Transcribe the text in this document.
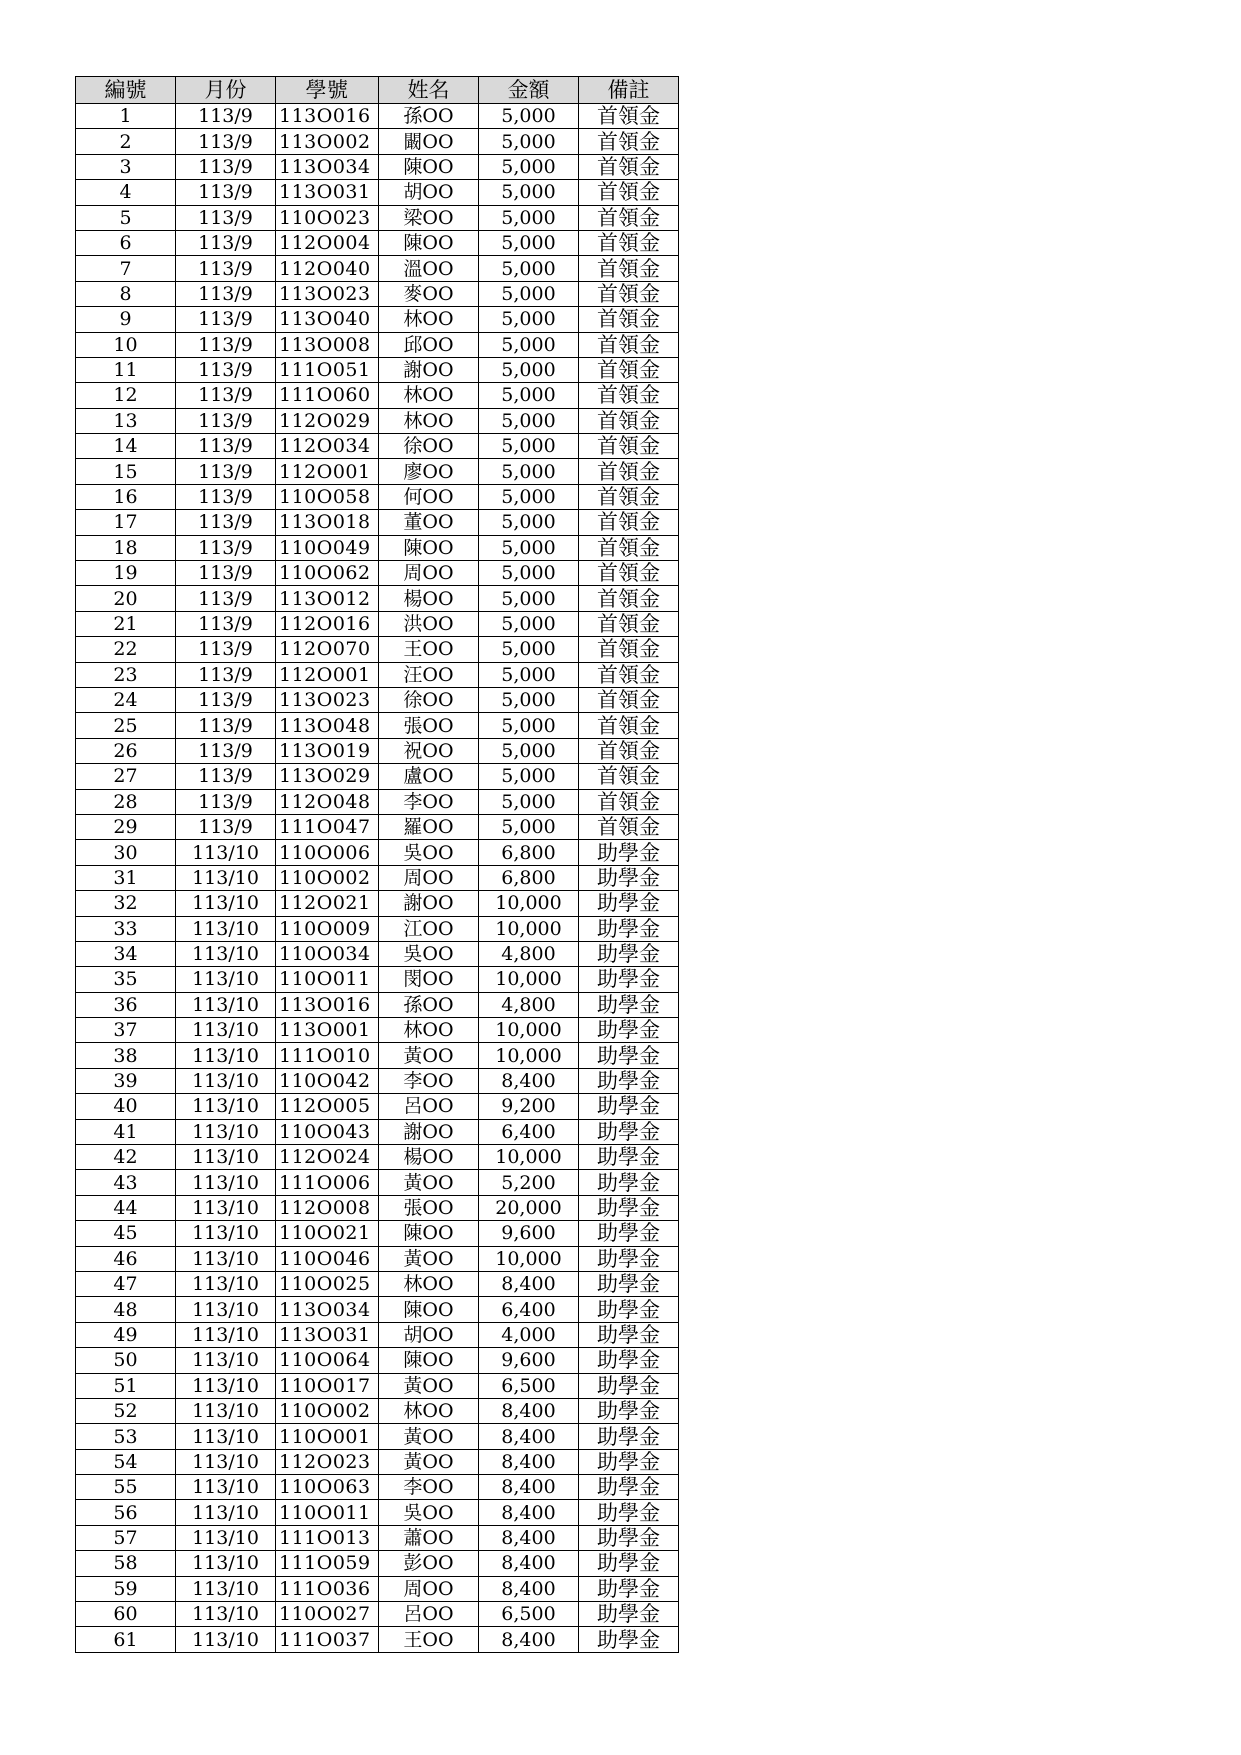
編號	月份	學號	姓名	金額	備註
1	113/9	113O016	孫OO	5,000	首領金
2	113/9	113O002	闞OO	5,000	首領金
3	113/9	113O034	陳OO	5,000	首領金
4	113/9	113O031	胡OO	5,000	首領金
5	113/9	110O023	梁OO	5,000	首領金
6	113/9	112O004	陳OO	5,000	首領金
7	113/9	112O040	溫OO	5,000	首領金
8	113/9	113O023	麥OO	5,000	首領金
9	113/9	113O040	林OO	5,000	首領金
10	113/9	113O008	邱OO	5,000	首領金
11	113/9	111O051	謝OO	5,000	首領金
12	113/9	111O060	林OO	5,000	首領金
13	113/9	112O029	林OO	5,000	首領金
14	113/9	112O034	徐OO	5,000	首領金
15	113/9	112O001	廖OO	5,000	首領金
16	113/9	110O058	何OO	5,000	首領金
17	113/9	113O018	董OO	5,000	首領金
18	113/9	110O049	陳OO	5,000	首領金
19	113/9	110O062	周OO	5,000	首領金
20	113/9	113O012	楊OO	5,000	首領金
21	113/9	112O016	洪OO	5,000	首領金
22	113/9	112O070	王OO	5,000	首領金
23	113/9	112O001	汪OO	5,000	首領金
24	113/9	113O023	徐OO	5,000	首領金
25	113/9	113O048	張OO	5,000	首領金
26	113/9	113O019	祝OO	5,000	首領金
27	113/9	113O029	盧OO	5,000	首領金
28	113/9	112O048	李OO	5,000	首領金
29	113/9	111O047	羅OO	5,000	首領金
30	113/10	110O006	吳OO	6,800	助學金
31	113/10	110O002	周OO	6,800	助學金
32	113/10	112O021	謝OO	10,000	助學金
33	113/10	110O009	江OO	10,000	助學金
34	113/10	110O034	吳OO	4,800	助學金
35	113/10	110O011	閔OO	10,000	助學金
36	113/10	113O016	孫OO	4,800	助學金
37	113/10	113O001	林OO	10,000	助學金
38	113/10	111O010	黃OO	10,000	助學金
39	113/10	110O042	李OO	8,400	助學金
40	113/10	112O005	呂OO	9,200	助學金
41	113/10	110O043	謝OO	6,400	助學金
42	113/10	112O024	楊OO	10,000	助學金
43	113/10	111O006	黃OO	5,200	助學金
44	113/10	112O008	張OO	20,000	助學金
45	113/10	110O021	陳OO	9,600	助學金
46	113/10	110O046	黃OO	10,000	助學金
47	113/10	110O025	林OO	8,400	助學金
48	113/10	113O034	陳OO	6,400	助學金
49	113/10	113O031	胡OO	4,000	助學金
50	113/10	110O064	陳OO	9,600	助學金
51	113/10	110O017	黃OO	6,500	助學金
52	113/10	110O002	林OO	8,400	助學金
53	113/10	110O001	黃OO	8,400	助學金
54	113/10	112O023	黃OO	8,400	助學金
55	113/10	110O063	李OO	8,400	助學金
56	113/10	110O011	吳OO	8,400	助學金
57	113/10	111O013	蕭OO	8,400	助學金
58	113/10	111O059	彭OO	8,400	助學金
59	113/10	111O036	周OO	8,400	助學金
60	113/10	110O027	呂OO	6,500	助學金
61	113/10	111O037	王OO	8,400	助學金
